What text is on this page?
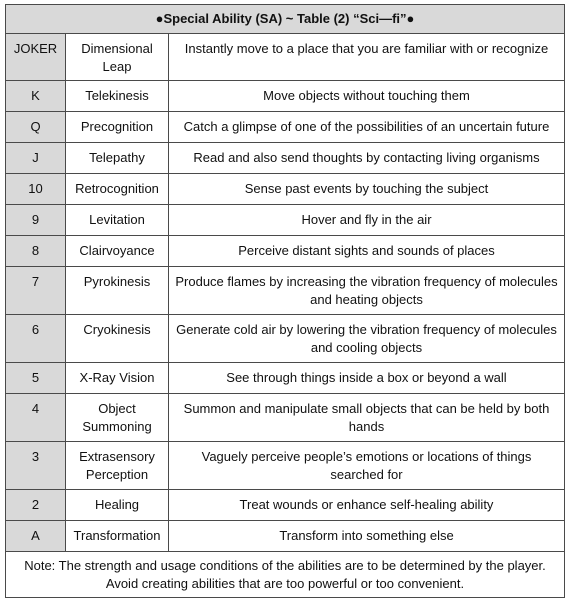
●Special Ability (SA) ~ Table (2) “Sci—fi”●		
JOKER	Dimensional Leap	Instantly move to a place that you are familiar with or recognize
K	Telekinesis	Move objects without touching them
Q	Precognition	Catch a glimpse of one of the possibilities of an uncertain future
J	Telepathy	Read and also send thoughts by contacting living organisms
10	Retrocognition	Sense past events by touching the subject
9	Levitation	Hover and fly in the air
8	Clairvoyance	Perceive distant sights and sounds of places
7	Pyrokinesis	Produce flames by increasing the vibration frequency of molecules and heating objects
6	Cryokinesis	Generate cold air by lowering the vibration frequency of molecules and cooling objects
5	X-Ray Vision	See through things inside a box or beyond a wall
4	Object Summoning	Summon and manipulate small objects that can be held by both hands
3	Extrasensory Perception	Vaguely perceive people’s emotions or locations of things searched for
2	Healing	Treat wounds or enhance self-healing ability
A	Transformation	Transform into something else
Note: The strength and usage conditions of the abilities are to be determined by the player. Avoid creating abilities that are too powerful or too convenient.		
